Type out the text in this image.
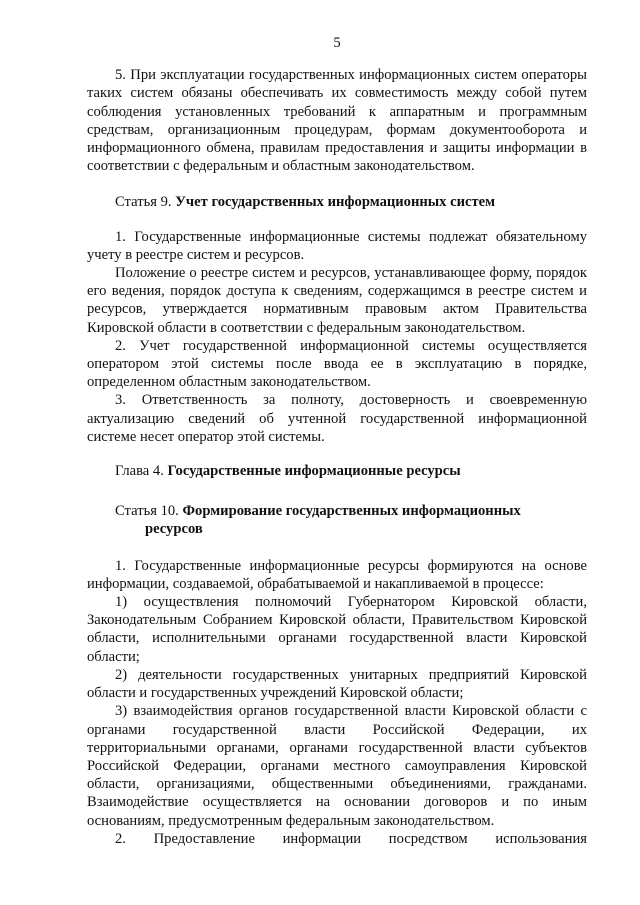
5

5. При эксплуатации государственных информационных систем операторы таких систем обязаны обеспечивать их совместимость между собой путем соблюдения установленных требований к аппаратным и программным средствам, организационным процедурам, формам документооборота и информационного обмена, правилам предоставления и защиты информации в соответствии с федеральным и областным законодательством.

Статья 9. Учет государственных информационных систем

1. Государственные информационные системы подлежат обязательному учету в реестре систем и ресурсов.

Положение о реестре систем и ресурсов, устанавливающее форму, порядок его ведения, порядок доступа к сведениям, содержащимся в реестре систем и ресурсов, утверждается нормативным правовым актом Правительства Кировской области в соответствии с федеральным законодательством.

2. Учет государственной информационной системы осуществляется оператором этой системы после ввода ее в эксплуатацию в порядке, определенном областным законодательством.

3. Ответственность за полноту, достоверность и своевременную актуализацию сведений об учтенной государственной информационной системе несет оператор этой системы.

Глава 4. Государственные информационные ресурсы

Статья 10. Формирование государственных информационных
ресурсов

1. Государственные информационные ресурсы формируются на основе информации, создаваемой, обрабатываемой и накапливаемой в процессе:

1) осуществления полномочий Губернатором Кировской области, Законодательным Собранием Кировской области, Правительством Кировской области, исполнительными органами государственной власти Кировской области;

2) деятельности государственных унитарных предприятий Кировской области и государственных учреждений Кировской области;

3) взаимодействия органов государственной власти Кировской области с органами государственной власти Российской Федерации, их территориальными органами, органами государственной власти субъектов Российской Федерации, органами местного самоуправления Кировской области, организациями, общественными объединениями, гражданами. Взаимодействие осуществляется на основании договоров и по иным основаниям, предусмотренным федеральным законодательством.

2. Предоставление информации посредством использования
